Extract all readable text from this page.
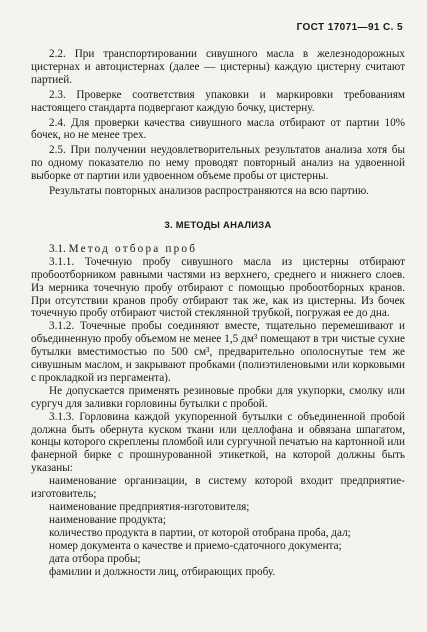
ГОСТ 17071—91 С. 5

2.2. При транспортировании сивушного масла в железнодорожных цистернах и автоцистернах (далее — цистерны) каждую цистерну считают партией.

2.3. Проверке соответствия упаковки и маркировки требованиям настоящего стандарта подвергают каждую бочку, цистерну.

2.4. Для проверки качества сивушного масла отбирают от партии 10% бочек, но не менее трех.

2.5. При получении неудовлетворительных результатов анализа хотя бы по одному показателю по нему проводят повторный анализ на удвоенной выборке от партии или удвоенном объеме пробы от цистерны.

Результаты повторных анализов распространяются на всю партию.

3. МЕТОДЫ АНАЛИЗА

3.1. Метод отбора проб

3.1.1. Точечную пробу сивушного масла из цистерны отбирают пробоотборником равными частями из верхнего, среднего и нижнего слоев. Из мерника точечную пробу отбирают с помощью пробоотборных кранов. При отсутствии кранов пробу отбирают так же, как из цистерны. Из бочек точечную пробу отбирают чистой стеклянной трубкой, погружая ее до дна.

3.1.2. Точечные пробы соединяют вместе, тщательно перемешивают и объединенную пробу объемом не менее 1,5 дм³ помещают в три чистые сухие бутылки вместимостью по 500 см³, предварительно ополоснутые тем же сивушным маслом, и закрывают пробками (полиэтиленовыми или корковыми с прокладкой из пергамента).

Не допускается применять резиновые пробки для укупорки, смолку или сургуч для заливки горловины бутылки с пробой.

3.1.3. Горловина каждой укупоренной бутылки с объединенной пробой должна быть обернута куском ткани или целлофана и обвязана шпагатом, концы которого скреплены пломбой или сургучной печатью на картонной или фанерной бирке с прошнурованной этикеткой, на которой должны быть указаны:

наименование организации, в систему которой входит предприятие-изготовитель;

наименование предприятия-изготовителя;

наименование продукта;

количество продукта в партии, от которой отобрана проба, дал;

номер документа о качестве и приемо-сдаточного документа;

дата отбора пробы;

фамилии и должности лиц, отбирающих пробу.
